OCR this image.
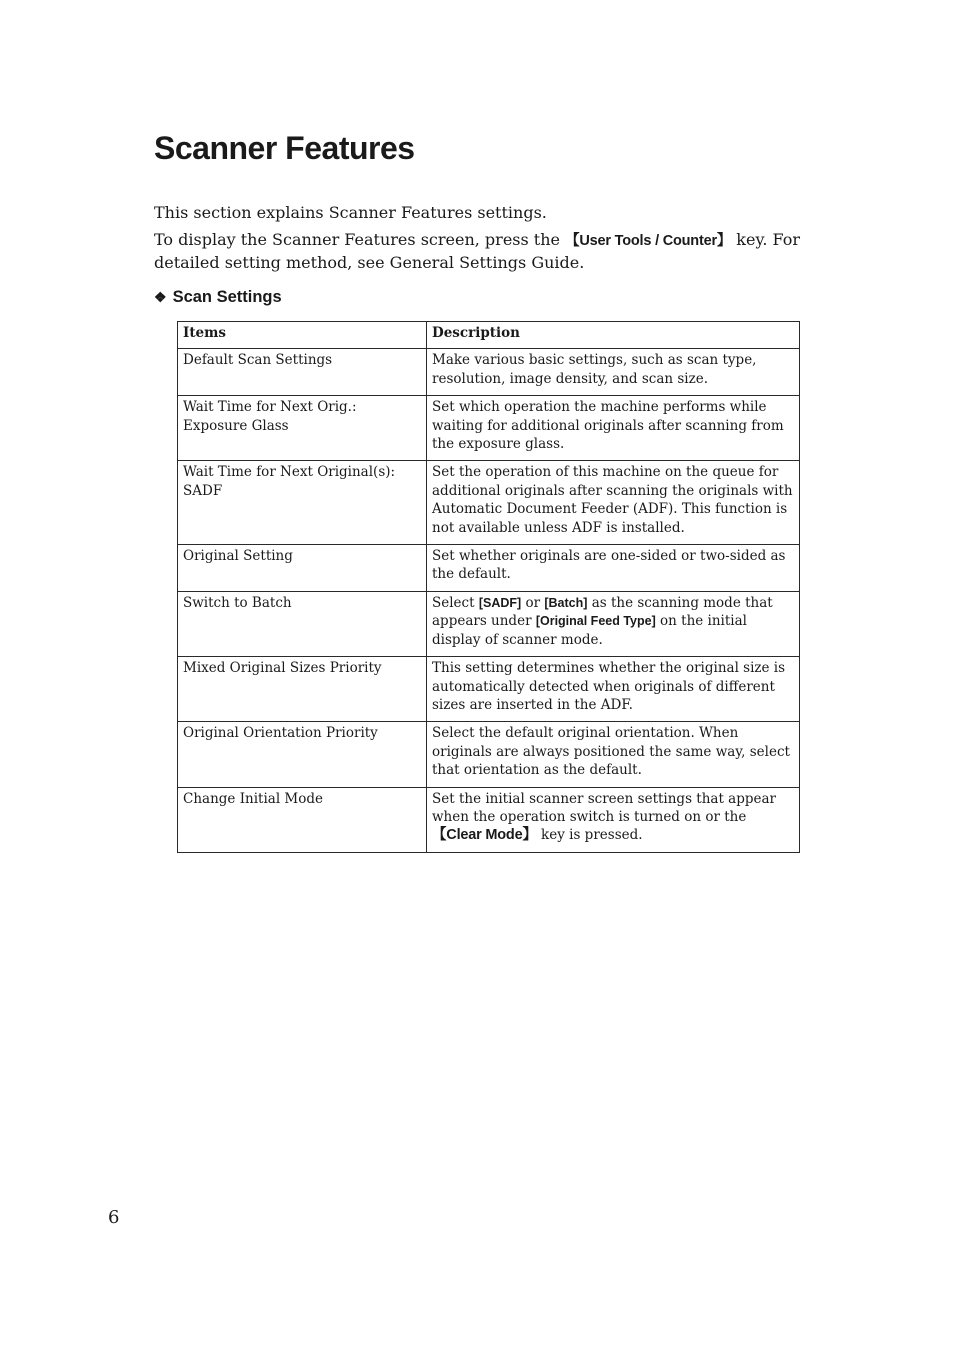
Scanner Features

This section explains Scanner Features settings.

To display the Scanner Features screen, press the 【User Tools / Counter】 key. For detailed setting method, see General Settings Guide.

❖ Scan Settings
Items	Description
Default Scan Settings	Make various basic settings, such as scan type, resolution, image density, and scan size.
Wait Time for Next Orig.: Exposure Glass	Set which operation the machine performs while waiting for additional originals after scanning from the exposure glass.
Wait Time for Next Original(s): SADF	Set the operation of this machine on the queue for additional originals after scanning the originals with Automatic Document Feeder (ADF). This function is not available unless ADF is installed.
Original Setting	Set whether originals are one-sided or two-sided as the default.
Switch to Batch	Select [SADF] or [Batch] as the scanning mode that appears under [Original Feed Type] on the initial display of scanner mode.
Mixed Original Sizes Priority	This setting determines whether the original size is automatically detected when originals of different sizes are inserted in the ADF.
Original Orientation Priority	Select the default original orientation. When originals are always positioned the same way, select that orientation as the default.
Change Initial Mode	Set the initial scanner screen settings that appear when the operation switch is turned on or the 【Clear Mode】 key is pressed.

6
